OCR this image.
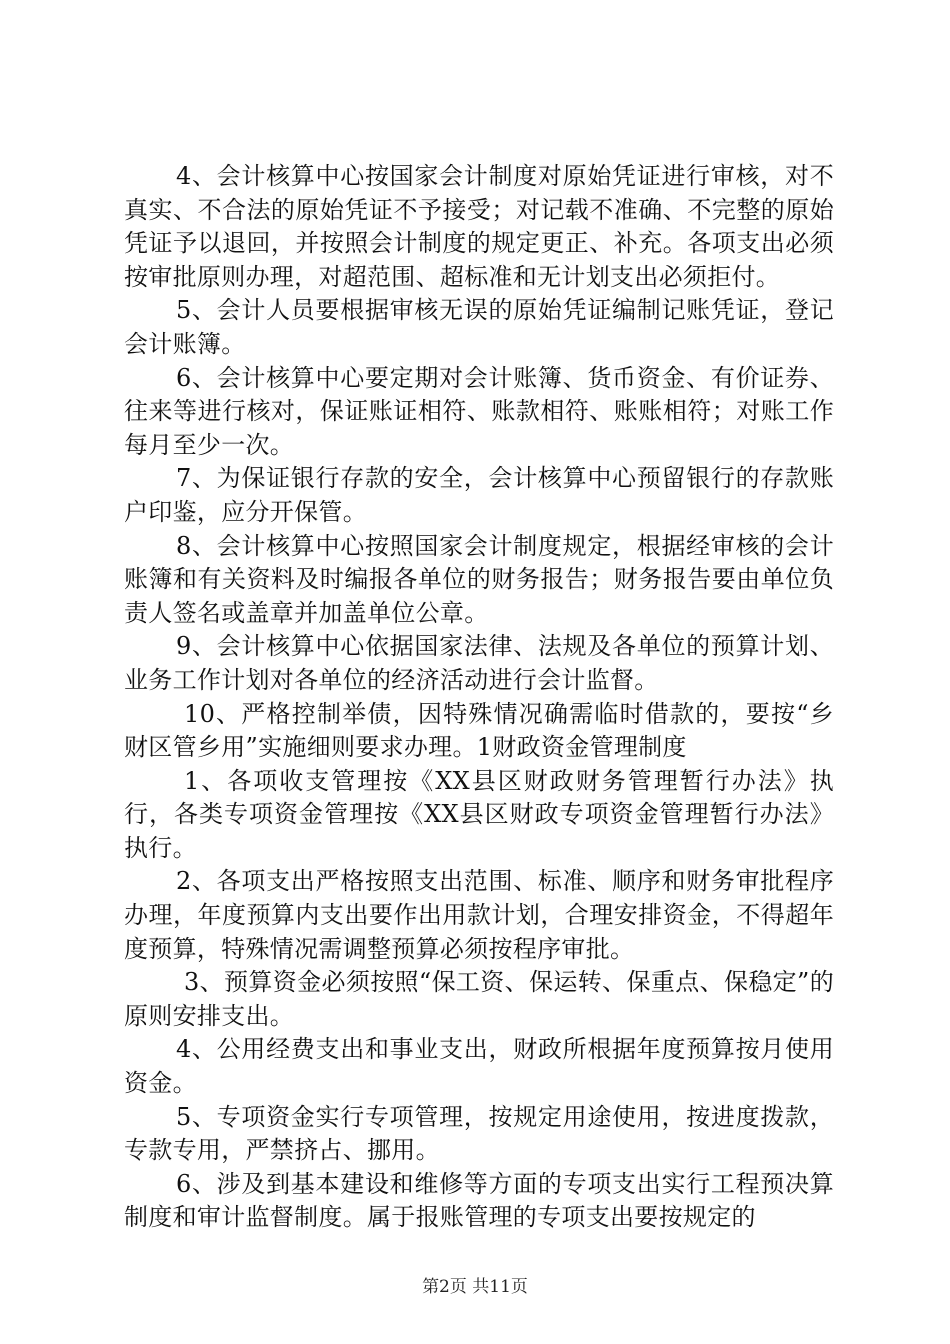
4、会计核算中心按国家会计制度对原始凭证进行审核，对不真实、不合法的原始凭证不予接受；对记载不准确、不完整的原始凭证予以退回，并按照会计制度的规定更正、补充。各项支出必须按审批原则办理，对超范围、超标准和无计划支出必须拒付。

5、会计人员要根据审核无误的原始凭证编制记账凭证，登记会计账簿。

6、会计核算中心要定期对会计账簿、货币资金、有价证券、往来等进行核对，保证账证相符、账款相符、账账相符；对账工作每月至少一次。

7、为保证银行存款的安全，会计核算中心预留银行的存款账户印鉴，应分开保管。

8、会计核算中心按照国家会计制度规定，根据经审核的会计账簿和有关资料及时编报各单位的财务报告；财务报告要由单位负责人签名或盖章并加盖单位公章。

9、会计核算中心依据国家法律、法规及各单位的预算计划、业务工作计划对各单位的经济活动进行会计监督。

10、严格控制举债，因特殊情况确需临时借款的，要按“乡财区管乡用”实施细则要求办理。1财政资金管理制度

1、各项收支管理按《XX县区财政财务管理暂行办法》执行，各类专项资金管理按《XX县区财政专项资金管理暂行办法》执行。

2、各项支出严格按照支出范围、标准、顺序和财务审批程序办理，年度预算内支出要作出用款计划，合理安排资金，不得超年度预算，特殊情况需调整预算必须按程序审批。

3、预算资金必须按照“保工资、保运转、保重点、保稳定”的原则安排支出。

4、公用经费支出和事业支出，财政所根据年度预算按月使用资金。

5、专项资金实行专项管理，按规定用途使用，按进度拨款，专款专用，严禁挤占、挪用。

6、涉及到基本建设和维修等方面的专项支出实行工程预决算制度和审计监督制度。属于报账管理的专项支出要按规定的

第2页 共11页
